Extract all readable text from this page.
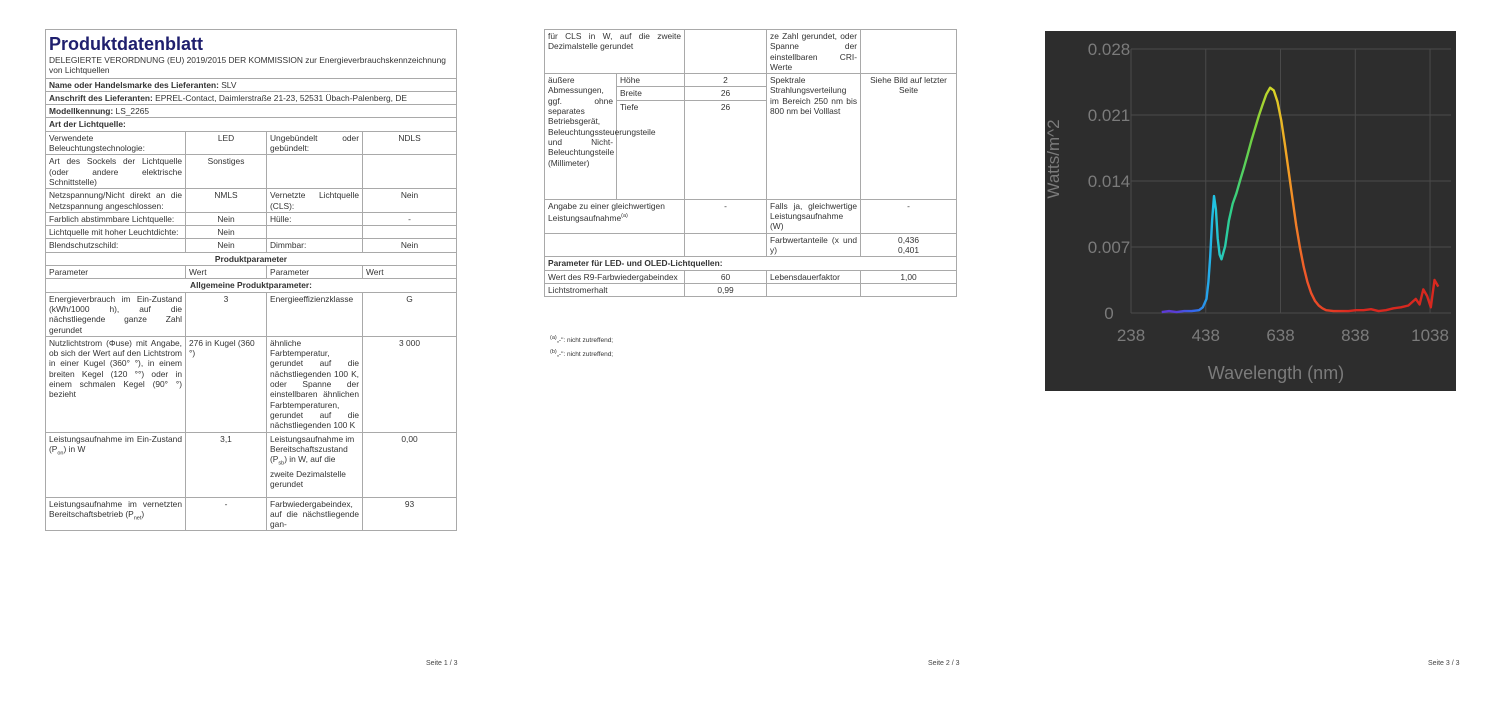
Produktdatenblatt
DELEGIERTE VERORDNUNG (EU) 2019/2015 DER KOMMISSION zur Energieverbrauchskennzeichnung von Lichtquellen			

Name oder Handelsmarke des Lieferanten: SLV			
Anschrift des Lieferanten: EPREL-Contact, Daimlerstraße 21-23, 52531 Übach-Palenberg, DE			
Modellkennung: LS_2265			
Art der Lichtquelle:			
Verwendete Beleuchtungstechnologie:	LED	Ungebündelt oder gebündelt:	NDLS
Art des Sockels der Lichtquelle (oder andere elektrische Schnittstelle)	Sonstiges		
Netzspannung/Nicht direkt an die Netzspannung angeschlossen:	NMLS	Vernetzte Lichtquelle (CLS):	Nein
Farblich abstimmbare Lichtquelle:	Nein	Hülle:	-
Lichtquelle mit hoher Leuchtdichte:	Nein		
Blendschutzschild:	Nein	Dimmbar:	Nein
Produktparameter			
Parameter	Wert	Parameter	Wert
Allgemeine Produktparameter:			
Energieverbrauch im Ein-Zustand (kWh/1000 h), auf die nächstliegende ganze Zahl gerundet	3	Energieeffizienzklasse	G
Nutzlichtstrom (Φuse) mit Angabe, ob sich der Wert auf den Lichtstrom in einer Kugel (360° °), in einem breiten Kegel (120 °°) oder in einem schmalen Kegel (90° °) bezieht	276 in Kugel (360 °)	ähnliche Farbtemperatur, gerundet auf die nächstliegenden 100 K, oder Spanne der einstellbaren ähnlichen Farbtemperaturen, gerundet auf die nächstliegenden 100 K	3 000
Leistungsaufnahme im Ein-Zustand $(P_{on})$ in W	3,1	Leistungsaufnahme im Bereitschaftszustand $(P_{sb})$ in W, auf die zweite Dezimalstelle gerundet	0,00
Leistungsaufnahme im vernetzten Bereitschaftsbetrieb $(P_{net})$	-	Farbwiedergabeindex, auf die nächstliegende gan-	93
Seite 1 / 3
für CLS in W, auf die zweite Dezimalstelle gerundet			ze Zahl gerundet, oder Spanne der einstellbaren CRI-Werte	
äußere Abmessungen, ggf. ohne separates Betriebsgerät, Beleuchtungssteuerungsteile und Nicht-Beleuchtungsteile (Millimeter)	Höhe	2	Spektrale Strahlungsverteilung im Bereich 250 nm bis 800 nm bei Volllast	Siehe Bild auf letzter Seite
	Breite	26		
	Tiefe	26		
Angabe zu einer gleichwertigen Leistungsaufnahme$^{(a)}$		-	Falls ja, gleichwertige Leistungsaufnahme (W)	-
			Farbwertanteile (x und y)	0,436
0,401

Parameter für LED- und OLED-Lichtquellen:				
Wert des R9-Farbwiedergabeindex		60	Lebensdauerfaktor	1,00
Lichtstromerhalt		0,99		
$^{(a)}$„-": nicht zutreffend;
$^{(b)}$„-": nicht zutreffend;
Seite 2 / 3
0
0.007
0.014
0.021
0.028
238	438	638	838 1038
Watts/m^2
Wavelength (nm)
Seite 3 / 3
